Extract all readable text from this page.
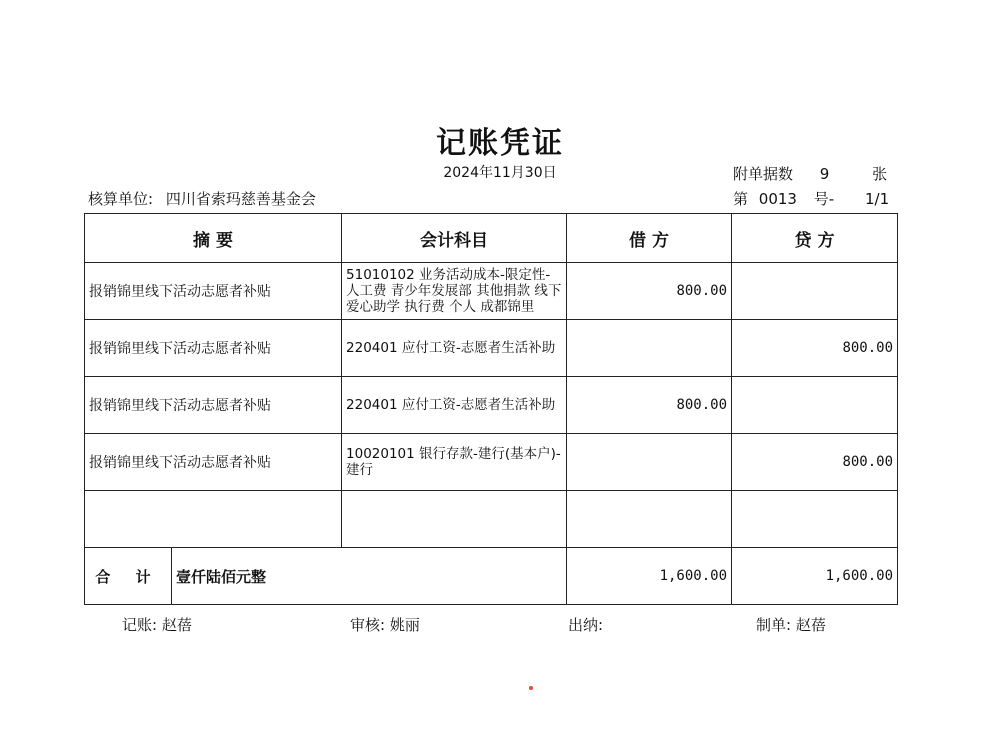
记账凭证
2024年11月30日	附单据数 9	张
核算单位: 四川省索玛慈善基金会	第 0013 号- 1/1
摘 要		会计科目	借 方	贷 方
报销锦里线下活动志愿者补贴		51010102 业务活动成本-限定性-人工费 青少年发展部 其他捐款 线下爱心助学 执行费 个人 成都锦里	800.00	
报销锦里线下活动志愿者补贴		220401 应付工资-志愿者生活补助		800.00
报销锦里线下活动志愿者补贴		220401 应付工资-志愿者生活补助	800.00	
报销锦里线下活动志愿者补贴		10020101 银行存款-建行(基本户)-建行		800.00

合 计	壹仟陆佰元整		1,600.00	1,600.00
记账: 赵蓓	审核: 姚丽	出纳:	制单: 赵蓓
